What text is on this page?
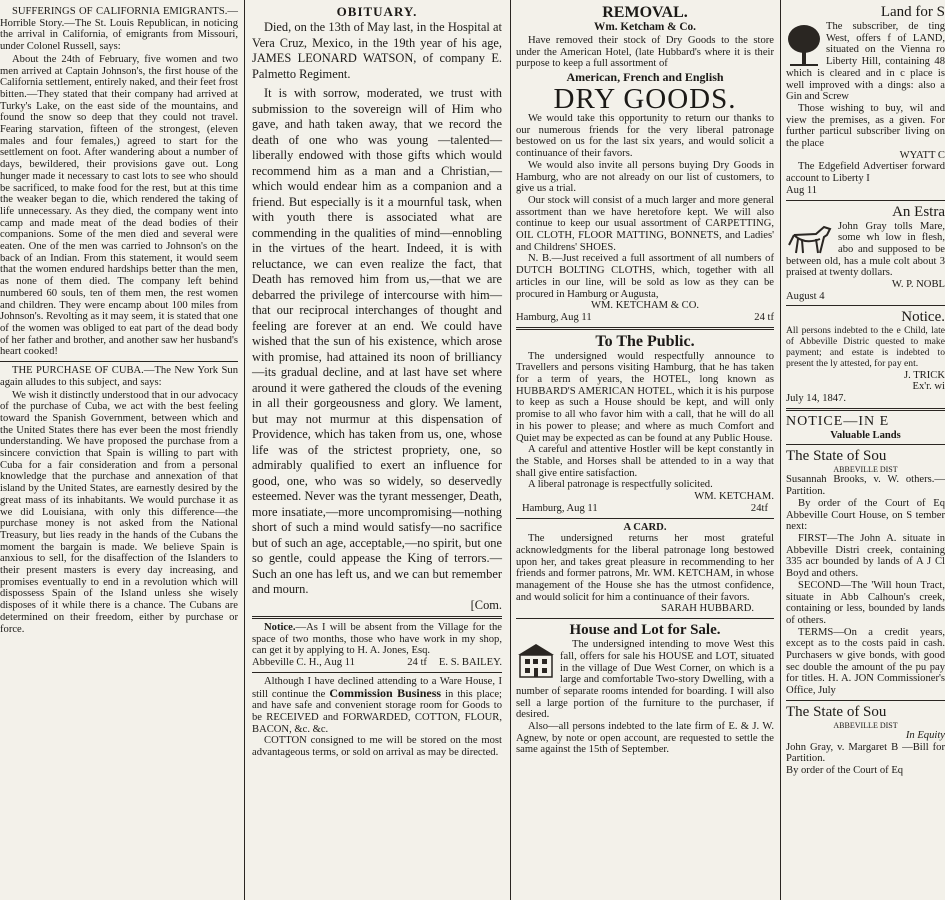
SUFFERINGS OF CALIFORNIA EMIGRANTS.—Horrible Story.—The St. Louis Republican, in noticing the arrival in California, of emigrants from Missouri, under Colonel Russell, says:

About the 24th of February, five women and two men arrived at Captain Johnson's, the first house of the California settlement, entirely naked, and their feet frost bitten.—They stated that their company had arrived at Turky's Lake, on the east side of the mountains, and found the snow so deep that they could not travel. Fearing starvation, fifteen of the strongest, (eleven males and four females,) agreed to start for the settlement on foot. After wandering about a number of days, bewildered, their provisions gave out. Long hunger made it necessary to cast lots to see who should be sacrificed, to make food for the rest, but at this time the weaker began to die, which rendered the taking of life unnecessary. As they died, the company went into camp and made meat of the dead bodies of their companions. Some of the men died and several were eaten. One of the men was carried to Johnson's on the back of an Indian. From this statement, it would seem that the women endured hardships better than the men, as none of them died. The company left behind numbered 60 souls, ten of them men, the rest women and children. They were encamp about 100 miles from Johnson's. Revolting as it may seem, it is stated that one of the women was obliged to eat part of the dead body of her father and brother, and another saw her husband's heart cooked!

THE PURCHASE OF CUBA.—The New York Sun again alludes to this subject, and says:

We wish it distinctly understood that in our advocacy of the purchase of Cuba, we act with the best feeling toward the Spanish Government, between which and the United States there has ever been the most friendly understanding. We have proposed the purchase from a sincere conviction that Spain is willing to part with Cuba for a fair consideration and from a personal knowledge that the purchase and annexation of that island by the United States, are earnestly desired by the great mass of its inhabitants. We would purchase it as we did Louisiana, with only this difference—the purchase money is not asked from the National Treasury, but lies ready in the hands of the Cubans the moment the bargain is made. We believe Spain is anxious to sell, for the disaffection of the Islanders to their present masters is every day increasing, and promises eventually to end in a revolution which will dispossess Spain of the Island unless she wisely disposes of it while there is a chance. The Cubans are determined on their freedom, either by purchase or force.

OBITUARY.

Died, on the 13th of May last, in the Hospital at Vera Cruz, Mexico, in the 19th year of his age, JAMES LEONARD WATSON, of company E. Palmetto Regiment.

It is with sorrow, moderated, we trust with submission to the sovereign will of Him who gave, and hath taken away, that we record the death of one who was young —talented—liberally endowed with those gifts which would recommend him as a man and a Christian,—which would endear him as a companion and a friend. But especially is it a mournful task, when with youth there is associated what are commending in the qualities of mind—ennobling in the virtues of the heart. Indeed, it is with reluctance, we can even realize the fact, that Death has removed him from us,—that we are debarred the privilege of intercourse with him—that our reciprocal interchanges of thought and feeling are forever at an end. We could have wished that the sun of his existence, which arose with promise, had attained its noon of brilliancy—its gradual decline, and at last have set where around it were gathered the clouds of the evening in all their gorgeousness and glory. We lament, but may not murmur at this dispensation of Providence, which has taken from us, one, whose life was of the strictest propriety, one, so admirably qualified to exert an influence for good, one, who was so widely, so deservedly esteemed. Never was the tyrant messenger, Death, more insatiate,—more uncompromising—nothing short of such a mind would satisfy—no sacrifice but of such an age, acceptable,—no spirit, but one so gentle, could appease the King of terrors.—Such an one has left us, and we can but remember and mourn.

[Com.

Notice.—As I will be absent from the Village for the space of two months, those who have work in my shop, can get it by applying to H. A. Jones, Esq.
E. S. BAILEY.

Abbeville C. H., Aug 11	24 tf

Although I have declined attending to a Ware House, I still continue the Commission Business in this place; and have safe and convenient storage room for Goods to be RECEIVED and FORWARDED, COTTON, FLOUR, BACON, &c. &c.

COTTON consigned to me will be stored on the most advantageous terms, or sold on arrival as may be directed.

REMOVAL.
Wm. Ketcham & Co.

Have removed their stock of Dry Goods to the store under the American Hotel, (late Hubbard's where it is their purpose to keep a full assortment of

American, French and English
DRY GOODS.

We would take this opportunity to return our thanks to our numerous friends for the very liberal patronage bestowed on us for the last six years, and would solicit a continuance of their favors.

We would also invite all persons buying Dry Goods in Hamburg, who are not already on our list of customers, to give us a trial.

Our stock will consist of a much larger and more general assortment than we have heretofore kept. We will also continue to keep our usual assortment of CARPETTING, OIL CLOTH, FLOOR MATTING, BONNETS, and Ladies' and Childrens' SHOES.

N. B.—Just received a full assortment of all numbers of DUTCH BOLTING CLOTHS, which, together with all articles in our line, will be sold as low as they can be procured in Hamburg or Augusta,

WM. KETCHAM & CO.
Hamburg, Aug 11	24 tf
To The Public.

The undersigned would respectfully announce to Travellers and persons visiting Hamburg, that he has taken for a term of years, the HOTEL, long known as HUBBARD'S AMERICAN HOTEL, which it is his purpose to keep as such a House should be kept, and will only promise to all who favor him with a call, that he will do all in his power to please; and where as much Comfort and Quiet may be expected as can be found at any Public House.

A careful and attentive Hostler will be kept constantly in the Stable, and Horses shall be attended to in a way that shall give entire satisfaction.

A liberal patronage is respectfully solicited.

WM. KETCHAM.
Hamburg, Aug 11	24tf
A CARD.

The undersigned returns her most grateful acknowledgments for the liberal patronage long bestowed upon her, and takes great pleasure in recommending to her friends and former patrons, Mr. WM. KETCHAM, in whose management of the House she has the utmost confidence, and would solicit for him a continuance of their favors.

SARAH HUBBARD.
House and Lot for Sale.

The undersigned intending to move West this fall, offers for sale his HOUSE and LOT, situated in the village of Due West Corner, on which is a large and comfortable Two-story Dwelling, with a number of separate rooms intended for boarding. I will also sell a large portion of the furniture to the purchaser, if desired.

Also—all persons indebted to the late firm of E. & J. W. Agnew, by note or open account, are requested to settle the same against the 15th of September.

Land for S

The subscriber, de ting West, offers f of LAND, situated on the Vienna ro Liberty Hill, containing 48 which is cleared and in c place is well improved with a dings: also a Gin and Screw

Those wishing to buy, wil and view the premises, as a given. For further particul subscriber living on the place

WYATT C

The Edgefield Advertiser forward account to Liberty I

Aug 11
An Estra

John Gray tolls Mare, some wh low in flesh, abo and supposed to be between old, has a mule colt about 3 praised at twenty dollars.

W. P. NOBL
August 4
Notice.

All persons indebted to the e Child, late of Abbeville Distric quested to make payment; and estate is indebted to present the ly attested, for pay ent.

J. TRICK
Ex'r. wi
July 14, 1847.
NOTICE—IN E
Valuable Lands
The State of Sou
ABBEVILLE DIST

Susannah Brooks, v. W. others.—Partition.

By order of the Court of Eq Abbeville Court House, on S tember next:

FIRST—The John A. situate in Abbeville Distri creek, containing 335 acr bounded by lands of A J Cl Boyd and others.

SECOND—The 'Will houn Tract, situate in Abb Calhoun's creek, containing or less, bounded by lands of others.

TERMS—On a credit years, except as to the costs paid in cash. Purchasers w give bonds, with good sec double the amount of the pu pay for titles. H. A. JON Commissioner's Office, July

The State of Sou
ABBEVILLE DIST
In Equity

John Gray, v. Margaret B —Bill for Partition.

By order of the Court of Eq
